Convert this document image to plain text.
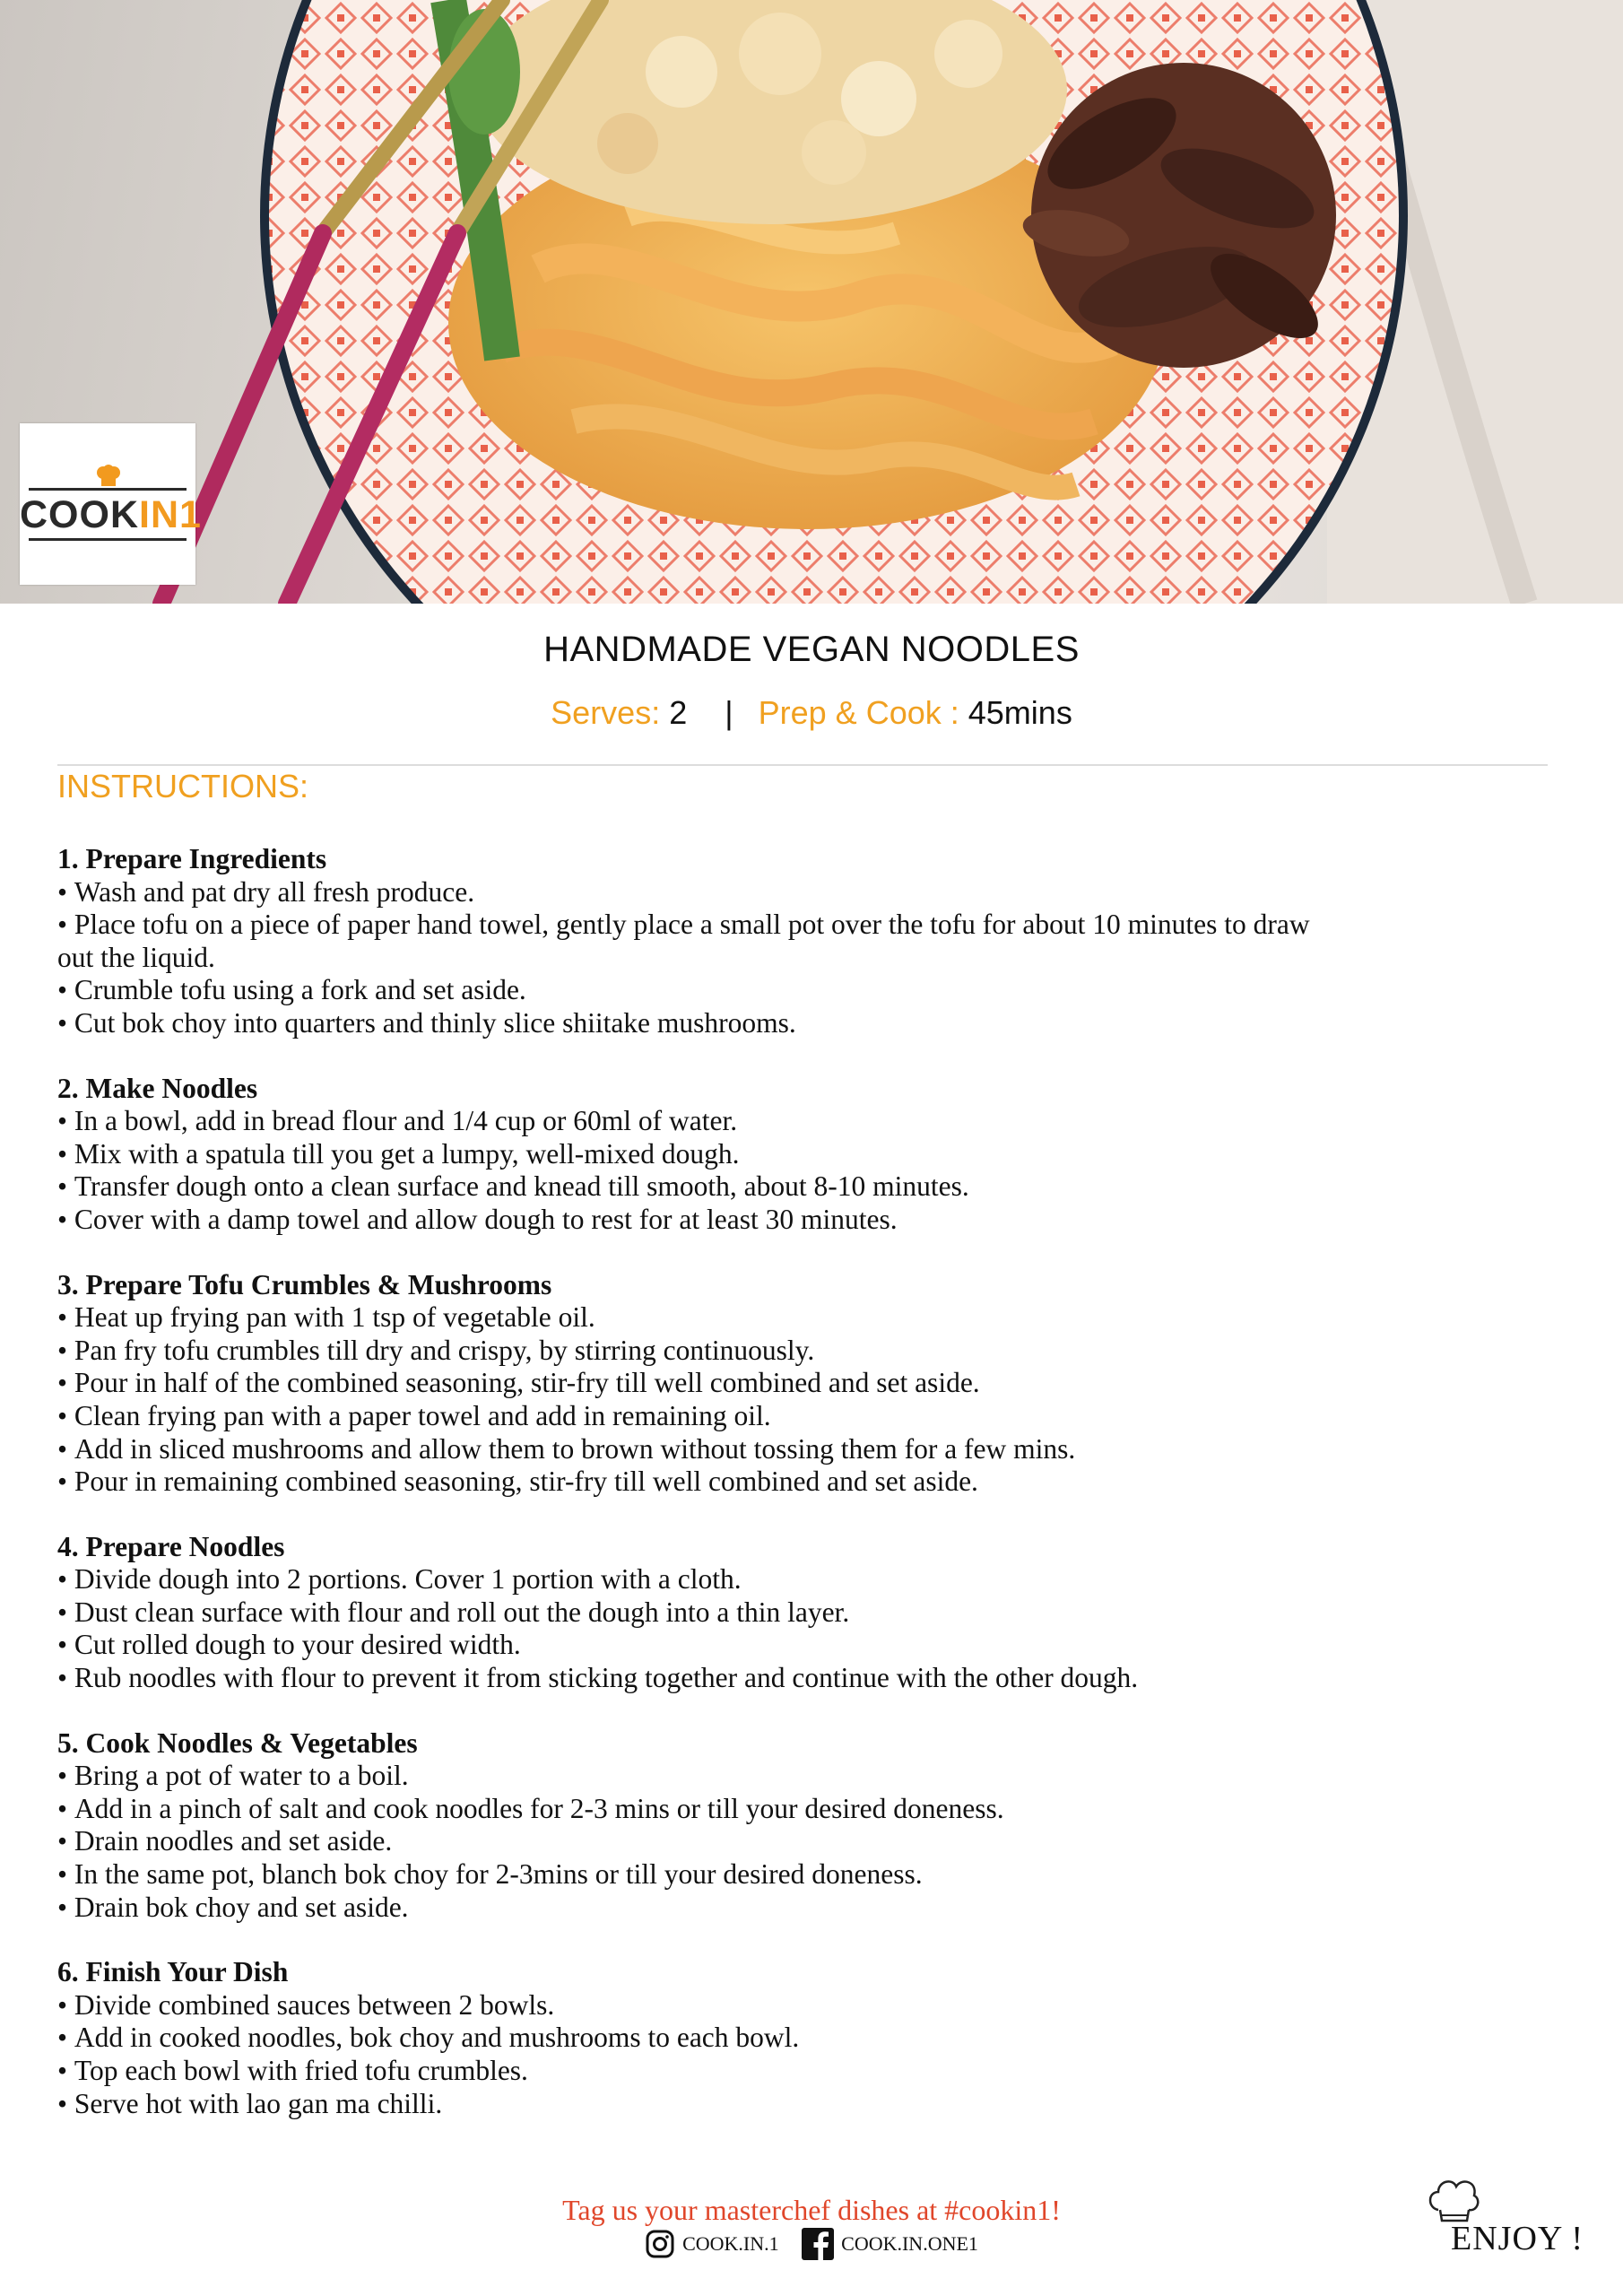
COOKIN1
HANDMADE VEGAN NOODLES
Serves: 2 | Prep & Cook : 45mins
INSTRUCTIONS:
1. Prepare Ingredients
• Wash and pat dry all fresh produce.
• Place tofu on a piece of paper hand towel, gently place a small pot over the tofu for about 10 minutes to draw out the liquid.
• Crumble tofu using a fork and set aside.
• Cut bok choy into quarters and thinly slice shiitake mushrooms.
2. Make Noodles
• In a bowl, add in bread flour and 1/4 cup or 60ml of water.
• Mix with a spatula till you get a lumpy, well-mixed dough.
• Transfer dough onto a clean surface and knead till smooth, about 8-10 minutes.
• Cover with a damp towel and allow dough to rest for at least 30 minutes.
3. Prepare Tofu Crumbles & Mushrooms
• Heat up frying pan with 1 tsp of vegetable oil.
• Pan fry tofu crumbles till dry and crispy, by stirring continuously.
• Pour in half of the combined seasoning, stir-fry till well combined and set aside.
• Clean frying pan with a paper towel and add in remaining oil.
• Add in sliced mushrooms and allow them to brown without tossing them for a few mins.
• Pour in remaining combined seasoning, stir-fry till well combined and set aside.
4. Prepare Noodles
• Divide dough into 2 portions. Cover 1 portion with a cloth.
• Dust clean surface with flour and roll out the dough into a thin layer.
• Cut rolled dough to your desired width.
• Rub noodles with flour to prevent it from sticking together and continue with the other dough.
5. Cook Noodles & Vegetables
• Bring a pot of water to a boil.
• Add in a pinch of salt and cook noodles for 2-3 mins or till your desired doneness.
• Drain noodles and set aside.
• In the same pot, blanch bok choy for 2-3mins or till your desired doneness.
• Drain bok choy and set aside.
6. Finish Your Dish
• Divide combined sauces between 2 bowls.
• Add in cooked noodles, bok choy and mushrooms to each bowl.
• Top each bowl with fried tofu crumbles.
• Serve hot with lao gan ma chilli.
Tag us your masterchef dishes at #cookin1!
COOK.IN.1
	COOK.IN.ONE1	ENJOY !
